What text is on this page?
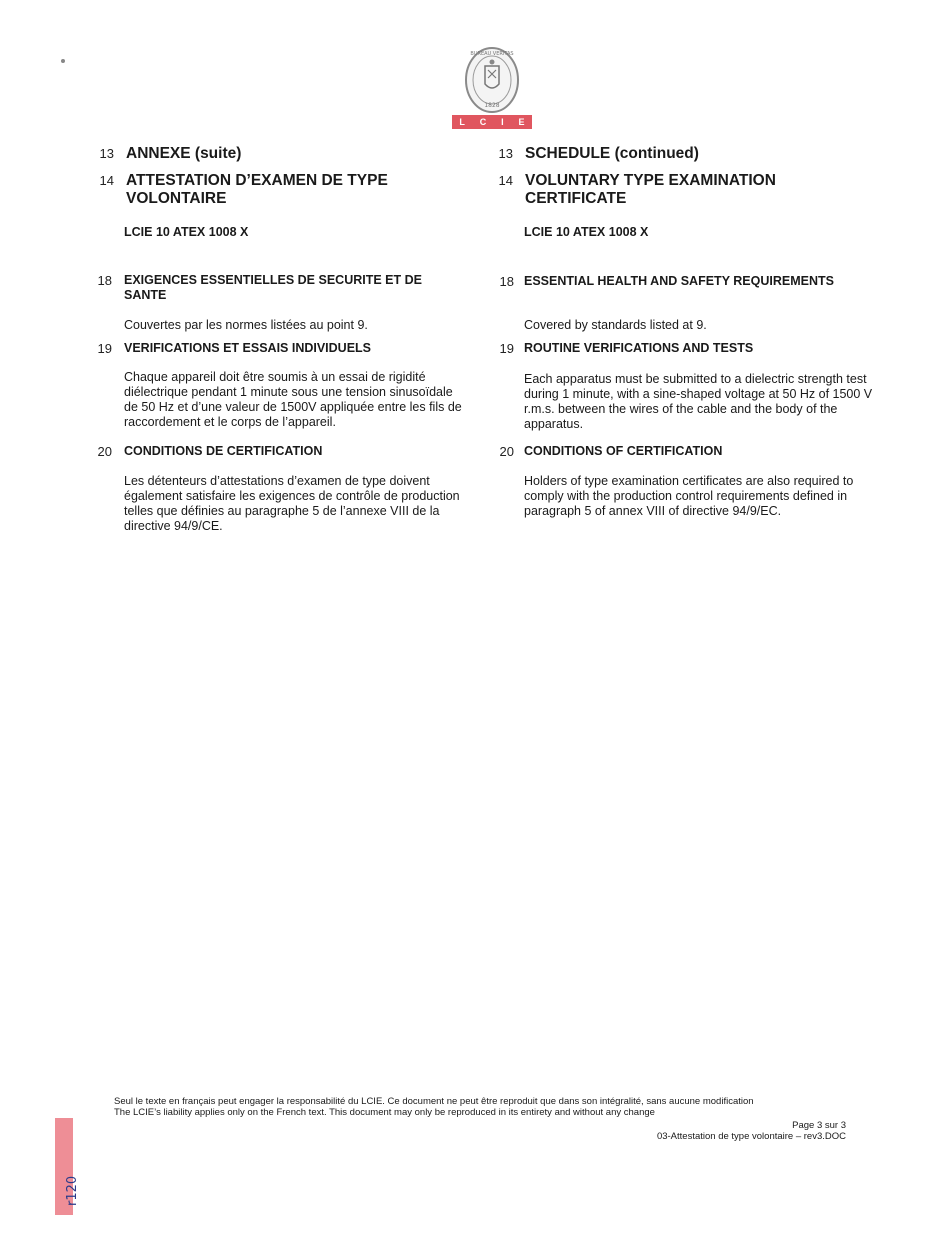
BUREAU VERITAS
1828
L C I E
13 ANNEXE (suite)
14 ATTESTATION D’EXAMEN DE TYPE
VOLONTAIRE
LCIE 10 ATEX 1008 X
18 EXIGENCES ESSENTIELLES DE SECURITE ET DE
SANTE
Couvertes par les normes listées au point 9.
19 VERIFICATIONS ET ESSAIS INDIVIDUELS
Chaque appareil doit être soumis à un essai de rigidité
diélectrique pendant 1 minute sous une tension sinusoïdale
de 50 Hz et d’une valeur de 1500V appliquée entre les fils de
raccordement et le corps de l’appareil.
20 CONDITIONS DE CERTIFICATION
Les détenteurs d’attestations d’examen de type doivent
également satisfaire les exigences de contrôle de production
telles que définies au paragraphe 5 de l’annexe VIII de la
directive 94/9/CE.
13 SCHEDULE (continued)
14 VOLUNTARY TYPE EXAMINATION
CERTIFICATE
LCIE 10 ATEX 1008 X
18 ESSENTIAL HEALTH AND SAFETY REQUIREMENTS
Covered by standards listed at 9.
19 ROUTINE VERIFICATIONS AND TESTS
Each apparatus must be submitted to a dielectric strength test
during 1 minute, with a sine-shaped voltage at 50 Hz of 1500 V
r.m.s. between the wires of the cable and the body of the
apparatus.
20 CONDITIONS OF CERTIFICATION
Holders of type examination certificates are also required to
comply with the production control requirements defined in
paragraph 5 of annex VIII of directive 94/9/EC.
Seul le texte en français peut engager la responsabilité du LCIE. Ce document ne peut être reproduit que dans son intégralité, sans aucune modification
The LCIE’s liability applies only on the French text. This document may only be reproduced in its entirety and without any change
Page 3 sur 3
03-Attestation de type volontaire – rev3.DOC
r120
